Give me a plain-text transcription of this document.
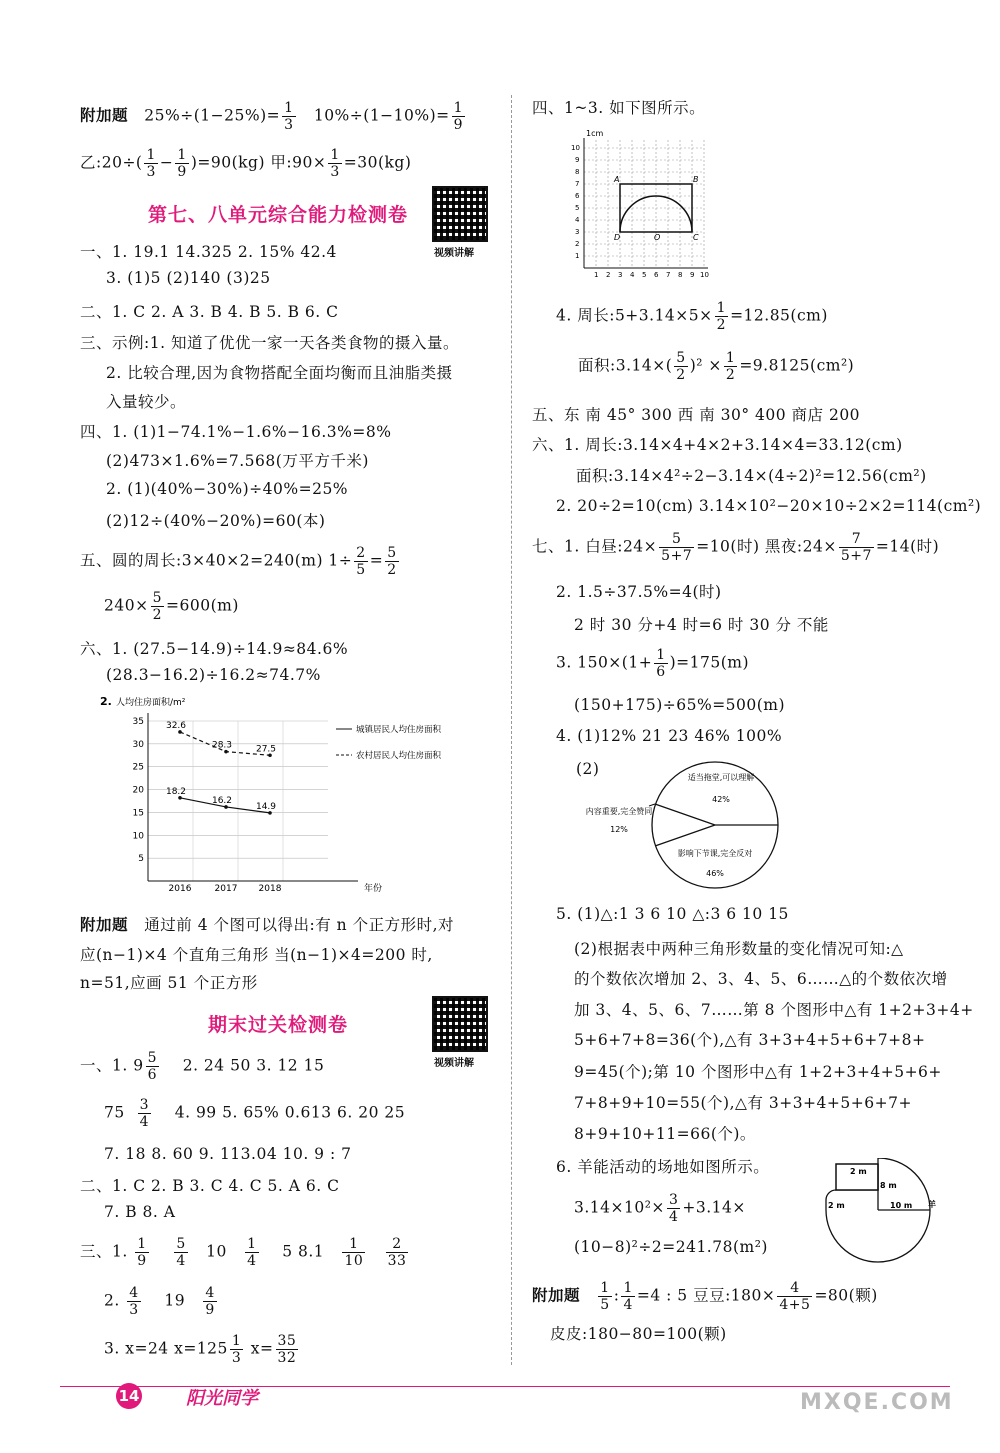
附加题 $25\%\div(1-25\%)= \frac{1}{3} 10\%\div(1-10\%)= \frac{1}{9}$
乙:20÷( $\frac{1}{3} - \frac{1}{9} )=90(kg)$ 甲:90× $\frac{1}{3} =30(kg)$
第七、八单元综合能力检测卷
视频讲解
一、1. 19.1 14.325 2. 15% 42.4
3. (1)5 (2)140 (3)25
二、1. C 2. A 3. B 4. B 5. B 6. C
三、示例:1. 知道了优优一家一天各类食物的摄入量。
2. 比较合理,因为食物搭配全面均衡而且油脂类摄
入量较少。
四、1. (1)1−74.1%−1.6%−16.3%=8%
(2)473×1.6%=7.568(万平方千米)
2. (1)(40%−30%)÷40%=25%
(2)12÷(40%−20%)=60(本)
五、圆的周长:3×40×2=240(m) $1\div \frac{2}{5} = \frac{5}{2}$
$240\times \frac{5}{2} =600(m)$
六、1. (27.5−14.9)÷14.9≈84.6%
(28.3−16.2)÷16.2≈74.7%
2. 人均住房面积/m²
5
10
15
20
25
30
35
2016	2017 2018	年份
18.2
16.2
14.9
城镇居民人均住房面积
32.6
28.3	27.5
农村居民人均住房面积
附加题 通过前 4 个图可以得出:有 n 个正方形时,对
应(n−1)×4 个直角三角形 当(n−1)×4=200 时,
n=51,应画 51 个正方形
期末过关检测卷
视频讲解
一、1. $9 \frac{5}{6} 2$. 24 50 3. 12 15
$75 \frac{3}{4} 4$. 99 5. 65% 0.613 6. 20 25
7. 18 8. 60 9. 113.04 10. 9 : 7
二、1. C 2. B 3. C 4. C 5. A 6. C
7. B 8. A
三、1. $\frac{1}{9}$
$\frac{5}{4} 10 \frac{1}{4} 5$ $8.1 \frac{1}{10}$
$\frac{2}{33}$
2. $\frac{4}{3} 19 \frac{4}{9}$
3. x=24 $x=125 \frac{1}{3} x= \frac{35}{32}$
四、1~3. 如下图所示。
1cm
A	B
D	O	C
1
2
3
4
5
6
7
8
9
10
1 2 3 4 5 6 7 8 9 10
4. 周长:5+3.14×5× $\frac{1}{2} =12.85(cm)$
面积:3.14×( $\frac{5}{2} )^2 \times \frac{1}{2} =9.8125(cm^2)$
五、东 南 45° 300 西 南 30° 400 商店 200
六、1. 周长:3.14×4+4×2+3.14×4=33.12(cm)
面积:3.14×4²÷2−3.14×(4÷2)²=12.56(cm²)
2. 20÷2=10(cm) 3.14×10²−20×10÷2×2=114(cm²)
七、1. 白昼:24× $\frac{5}{5+7} =10$(时) 黑夜:24× $\frac{7}{5+7} =14$(时)
2. 1.5÷37.5%=4(时)
2 时 30 分+4 时=6 时 30 分 不能
3. $150\times(1+ \frac{1}{6} )=175(m)$
(150+175)÷65%=500(m)
4. (1)12% 21 23 46% 100%
(2)	适当拖堂,可以理解
42%
影响下节课,完全反对
46%
内容重要,完全赞同
12%
5. (1)△:1 3 6 10 △:3 6 10 15
(2)根据表中两种三角形数量的变化情况可知:△
的个数依次增加 2、3、4、5、6……△的个数依次增
加 3、4、5、6、7……第 8 个图形中△有 1+2+3+4+
5+6+7+8=36(个),△有 3+3+4+5+6+7+8+
9=45(个);第 10 个图形中△有 1+2+3+4+5+6+
7+8+9+10=55(个),△有 3+3+4+5+6+7+
8+9+10+11=66(个)。
6. 羊能活动的场地如图所示。
$3.14\times 10^2\times \frac{3}{4} +3.14\times$
(10−8)²÷2=241.78(m²)
2 m
8 m
2 m	10 m 羊
附加题 $\frac{1}{5}$ : $\frac{1}{4} =4$ : 5 豆豆:180× $\frac{4}{4+5} =80$(颗)
皮皮:180−80=100(颗)
14	阳光同学	MXQE.COM
